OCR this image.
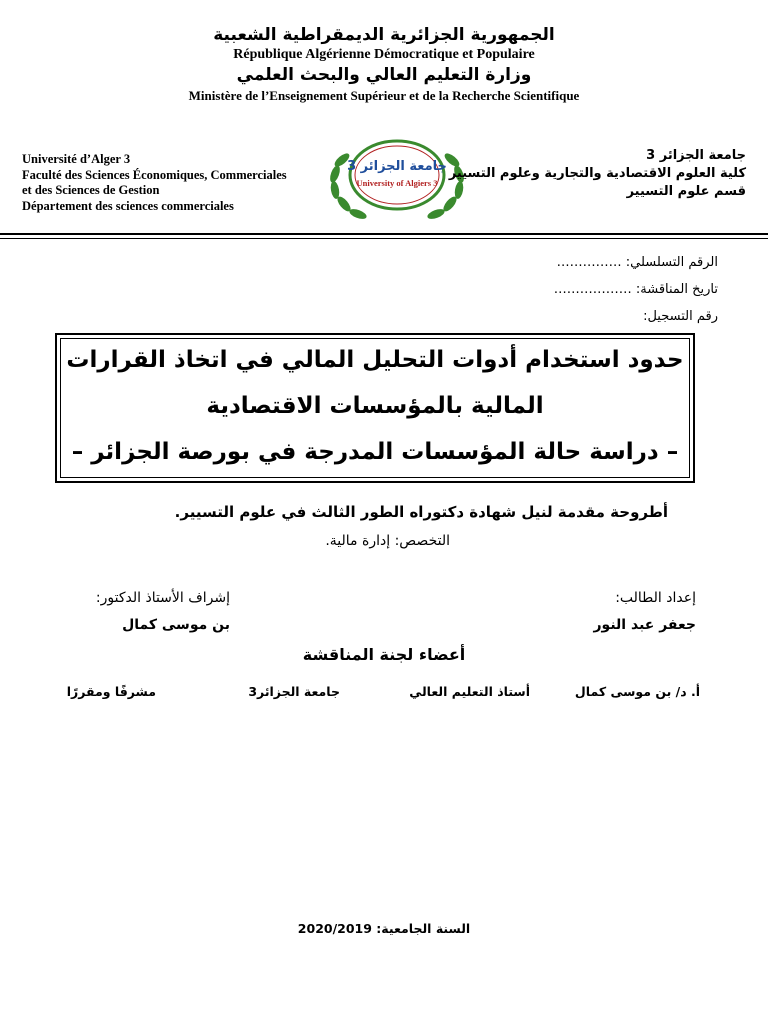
الجمهورية الجزائرية الديمقراطية الشعبية
République Algérienne Démocratique et Populaire
وزارة التعليم العالي والبحث العلمي
Ministère de l’Enseignement Supérieur et de la Recherche Scientifique
Université d’Alger 3
Faculté des Sciences Économiques, Commerciales
et des Sciences de Gestion
Département des sciences commerciales
جامعة الجزائر 3
University of Algiers 3
جامعة الجزائر 3
كلية العلوم الاقتصادية والتجارية وعلوم التسيير
قسم علوم التسيير
الرقم التسلسلي: ……………
تاريخ المناقشة: ………………
رقم التسجيل:
حدود استخدام أدوات التحليل المالي في اتخاذ القرارات
المالية بالمؤسسات الاقتصادية
– دراسة حالة المؤسسات المدرجة في بورصة الجزائر –
أطروحة مقدمة لنيل شهادة دكتوراه الطور الثالث في علوم التسيير.
التخصص: إدارة مالية.
إعداد الطالب:
جعفر عبد النور
إشراف الأستاذ الدكتور:
بن موسى كمال
أعضاء لجنة المناقشة
أ. د/ بن موسى كمال
أستاذ التعليم العالي
جامعة الجزائر3
مشرفًا ومقررًا
السنة الجامعية: 2020/2019
